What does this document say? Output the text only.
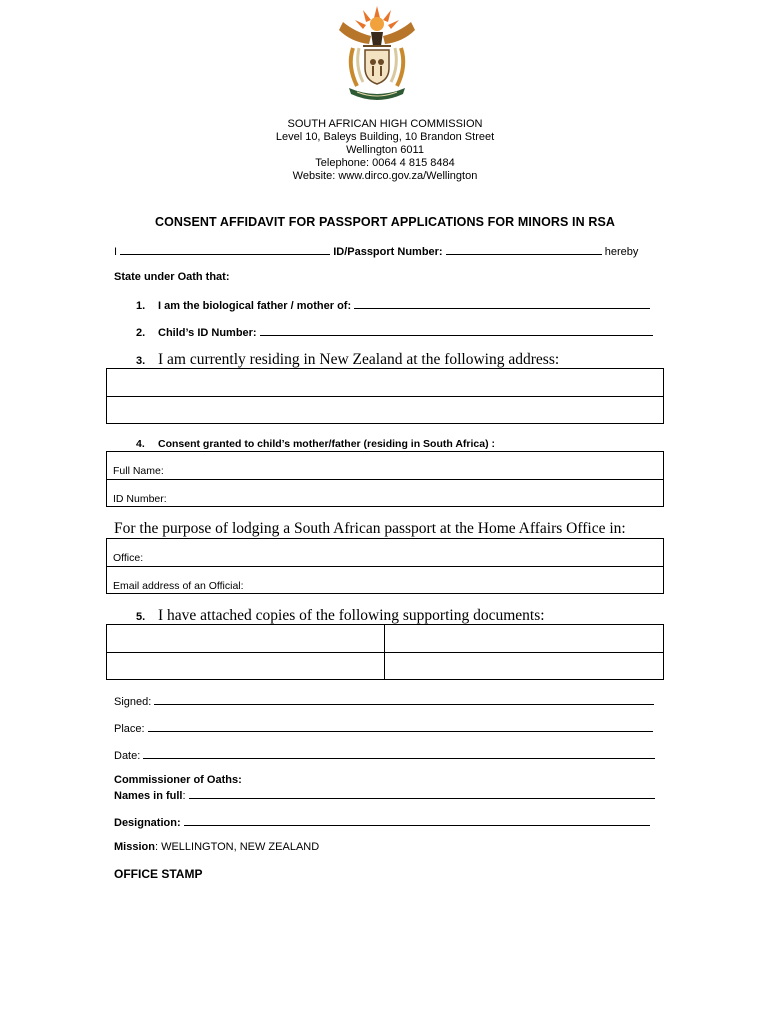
SOUTH AFRICAN HIGH COMMISSION
Level 10, Baleys Building, 10 Brandon Street
Wellington 6011
Telephone: 0064 4 815 8484
Website: www.dirco.gov.za/Wellington
CONSENT AFFIDAVIT FOR PASSPORT APPLICATIONS FOR MINORS IN RSA
I	ID/Passport Number:	hereby
State under Oath that:
1. I am the biological father / mother of:
2. Child’s ID Number:
3. I am currently residing in New Zealand at the following address:
4. Consent granted to child’s mother/father (residing in South Africa) :
Full Name:
ID Number:
For the purpose of lodging a South African passport at the Home Affairs Office in:
Office:
Email address of an Official:
5. I have attached copies of the following supporting documents:
Signed:
Place:
Date:
Commissioner of Oaths:
Names in full:
Designation:
Mission: WELLINGTON, NEW ZEALAND
OFFICE STAMP
